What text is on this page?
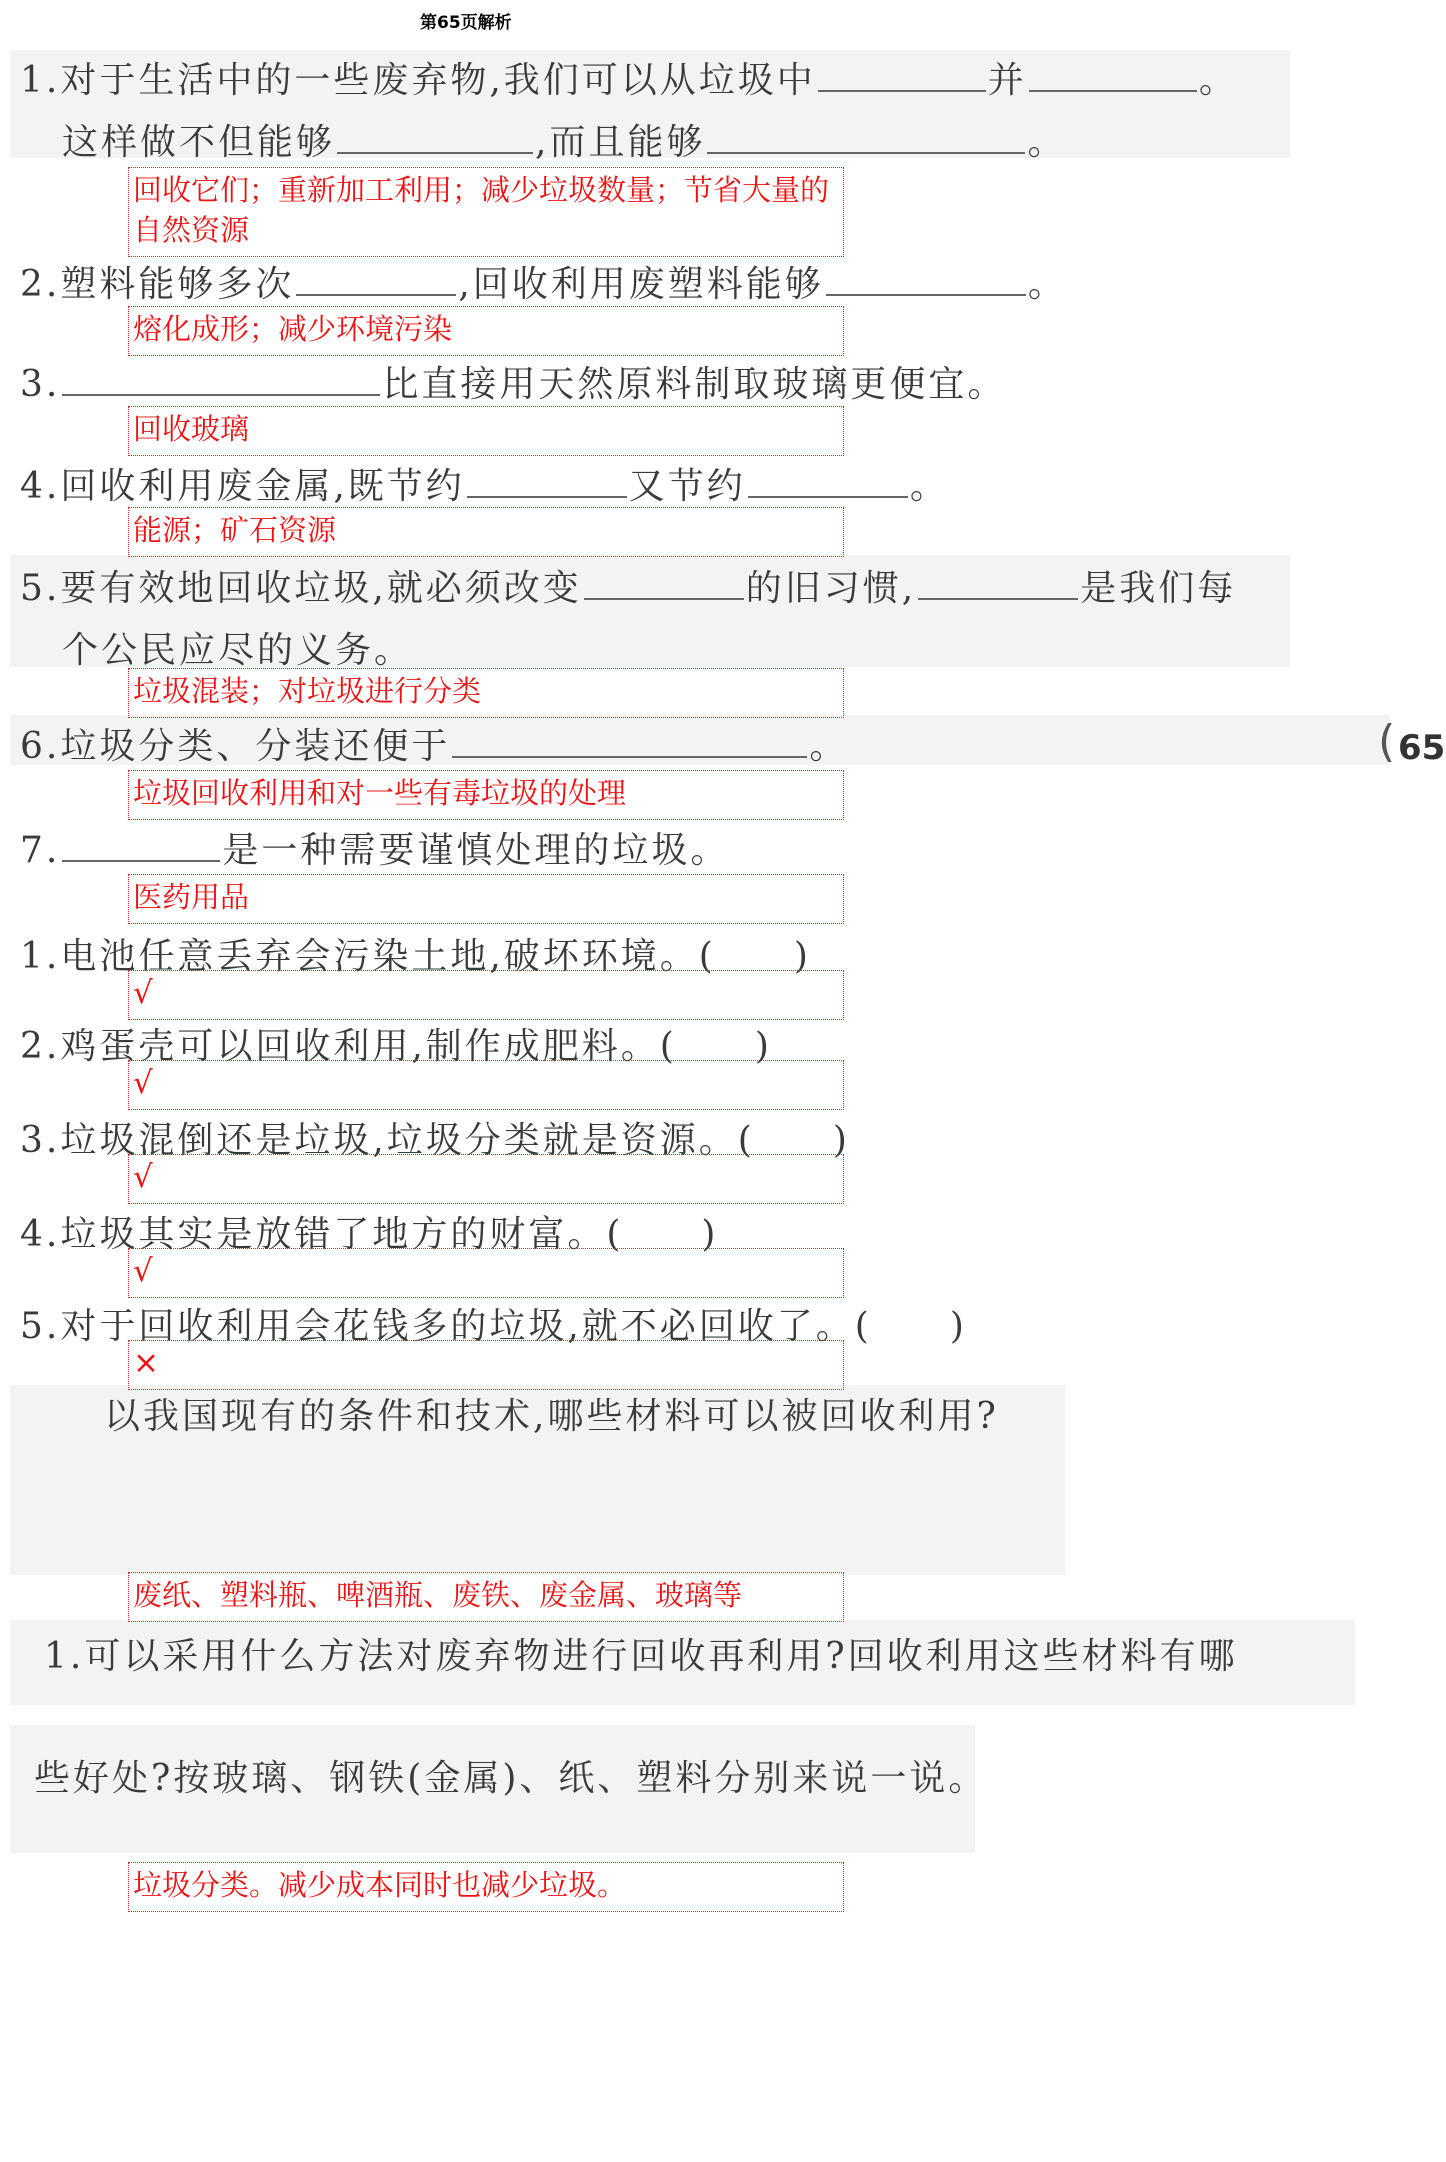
第65页解析
1.对于生活中的一些废弃物,我们可以从垃圾中	并	。
这样做不但能够	,而且能够	。
回收它们；重新加工利用；减少垃圾数量；节省大量的自然资源
2.塑料能够多次	,回收利用废塑料能够	。
熔化成形；减少环境污染
3.	比直接用天然原料制取玻璃更便宜。
回收玻璃
4.回收利用废金属,既节约	又节约	。
能源；矿石资源
5.要有效地回收垃圾,就必须改变	的旧习惯,	是我们每
个公民应尽的义务。
垃圾混装；对垃圾进行分类
6.垃圾分类、分装还便于	。
垃圾回收利用和对一些有毒垃圾的处理
7.	是一种需要谨慎处理的垃圾。
医药用品
1.电池任意丢弃会污染土地,破坏环境。(　　)
√
2.鸡蛋壳可以回收利用,制作成肥料。(　　)
√
3.垃圾混倒还是垃圾,垃圾分类就是资源。(　　)
√
4.垃圾其实是放错了地方的财富。(　　)
√
5.对于回收利用会花钱多的垃圾,就不必回收了。(　　)
×
以我国现有的条件和技术,哪些材料可以被回收利用?
废纸、塑料瓶、啤酒瓶、废铁、废金属、玻璃等
1.可以采用什么方法对废弃物进行回收再利用?回收利用这些材料有哪
些好处?按玻璃、钢铁(金属)、纸、塑料分别来说一说。
垃圾分类。减少成本同时也减少垃圾。
( 65
